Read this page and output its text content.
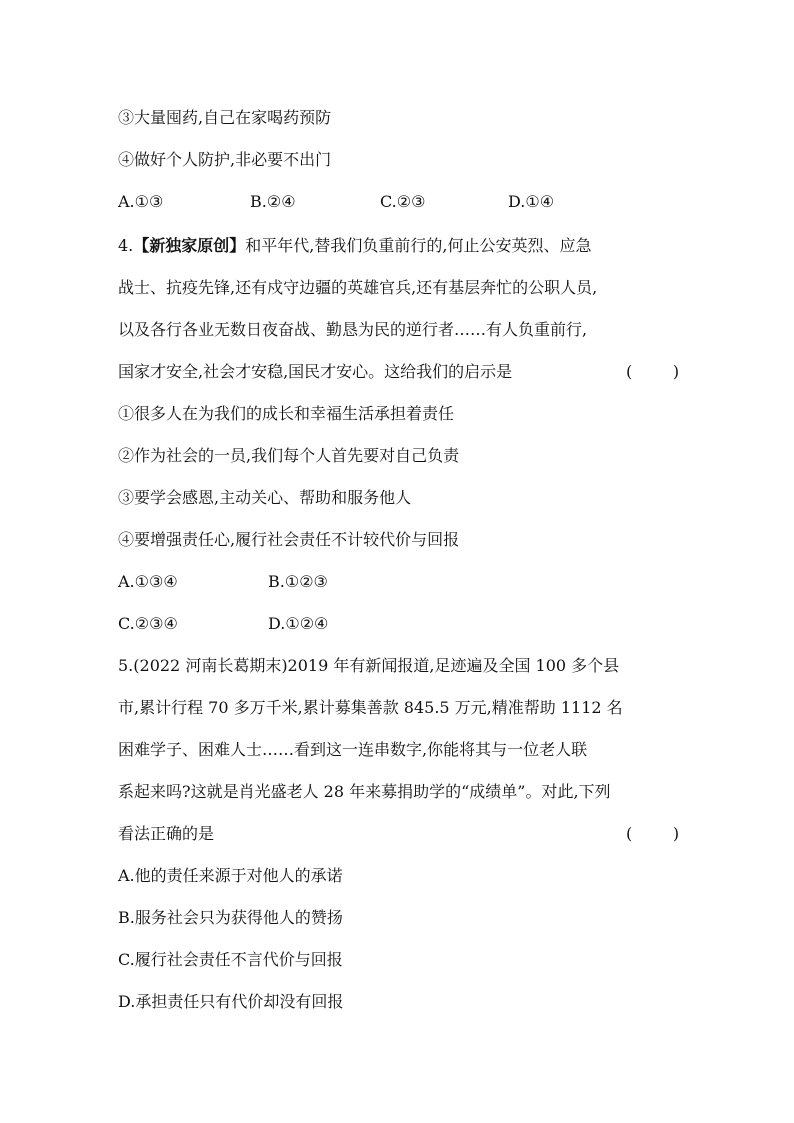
③大量囤药,自己在家喝药预防
④做好个人防护,非必要不出门
A.①③	B.②④	C.②③	D.①④
4.【新独家原创】和平年代,替我们负重前行的,何止公安英烈、应急
战士、抗疫先锋,还有戍守边疆的英雄官兵,还有基层奔忙的公职人员,
以及各行各业无数日夜奋战、勤恳为民的逆行者……有人负重前行,
国家才安全,社会才安稳,国民才安心。这给我们的启示是	(        )
①很多人在为我们的成长和幸福生活承担着责任
②作为社会的一员,我们每个人首先要对自己负责
③要学会感恩,主动关心、帮助和服务他人
④要增强责任心,履行社会责任不计较代价与回报
A.①③④	B.①②③
C.②③④	D.①②④
5.(2022 河南长葛期末)2019 年有新闻报道,足迹遍及全国 100 多个县
市,累计行程 70 多万千米,累计募集善款 845.5 万元,精准帮助 1112 名
困难学子、困难人士……看到这一连串数字,你能将其与一位老人联
系起来吗?这就是肖光盛老人 28 年来募捐助学的“成绩单”。对此,下列
看法正确的是	(        )
A.他的责任来源于对他人的承诺
B.服务社会只为获得他人的赞扬
C.履行社会责任不言代价与回报
D.承担责任只有代价却没有回报
